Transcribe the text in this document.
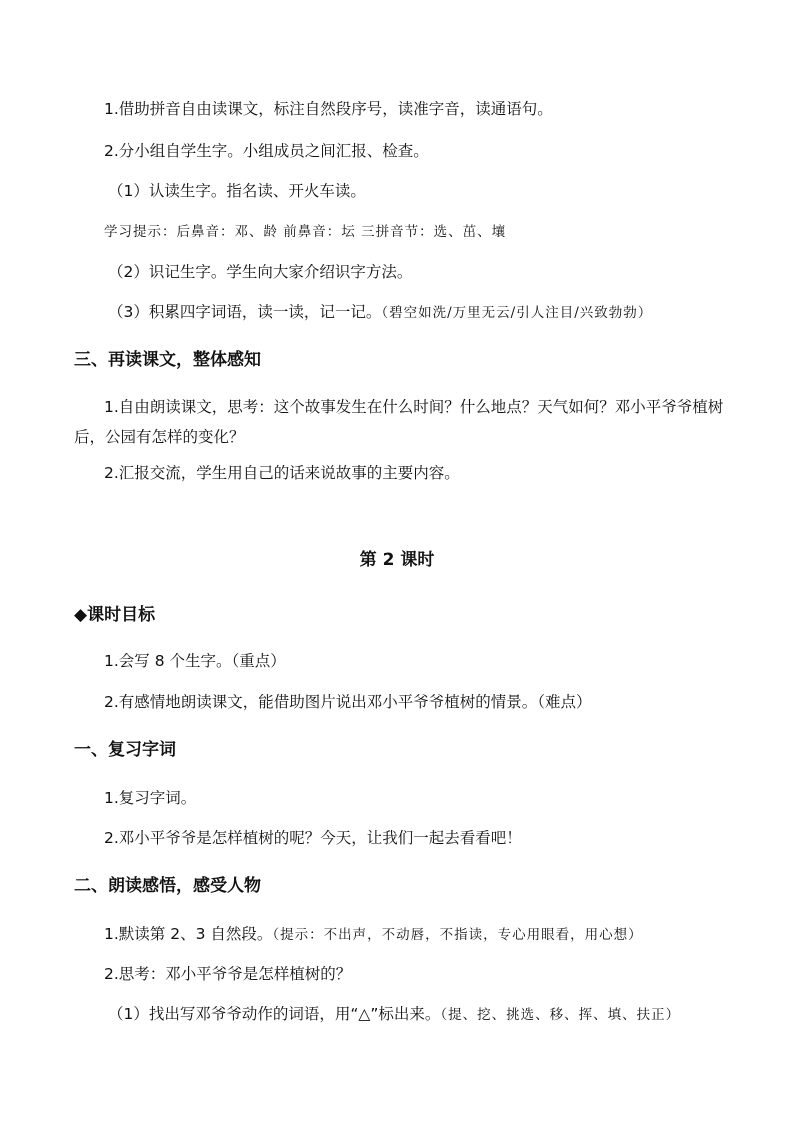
1.借助拼音自由读课文，标注自然段序号，读准字音，读通语句。
2.分小组自学生字。小组成员之间汇报、检查。
（1）认读生字。指名读、开火车读。
学习提示：后鼻音：邓、龄 前鼻音：坛 三拼音节：选、茁、壤
（2）识记生字。学生向大家介绍识字方法。
（3）积累四字词语，读一读，记一记。（碧空如洗/万里无云/引人注目/兴致勃勃）
三、再读课文，整体感知
1.自由朗读课文，思考：这个故事发生在什么时间？什么地点？天气如何？邓小平爷爷植树后，公园有怎样的变化？
2.汇报交流，学生用自己的话来说故事的主要内容。
第 2 课时
◆课时目标
1.会写 8 个生字。（重点）
2.有感情地朗读课文，能借助图片说出邓小平爷爷植树的情景。（难点）
一、复习字词
1.复习字词。
2.邓小平爷爷是怎样植树的呢？今天，让我们一起去看看吧！
二、朗读感悟，感受人物
1.默读第 2、3 自然段。（提示：不出声，不动唇，不指读，专心用眼看，用心想）
2.思考：邓小平爷爷是怎样植树的？
（1）找出写邓爷爷动作的词语，用“△”标出来。（提、挖、挑选、移、挥、填、扶正）
